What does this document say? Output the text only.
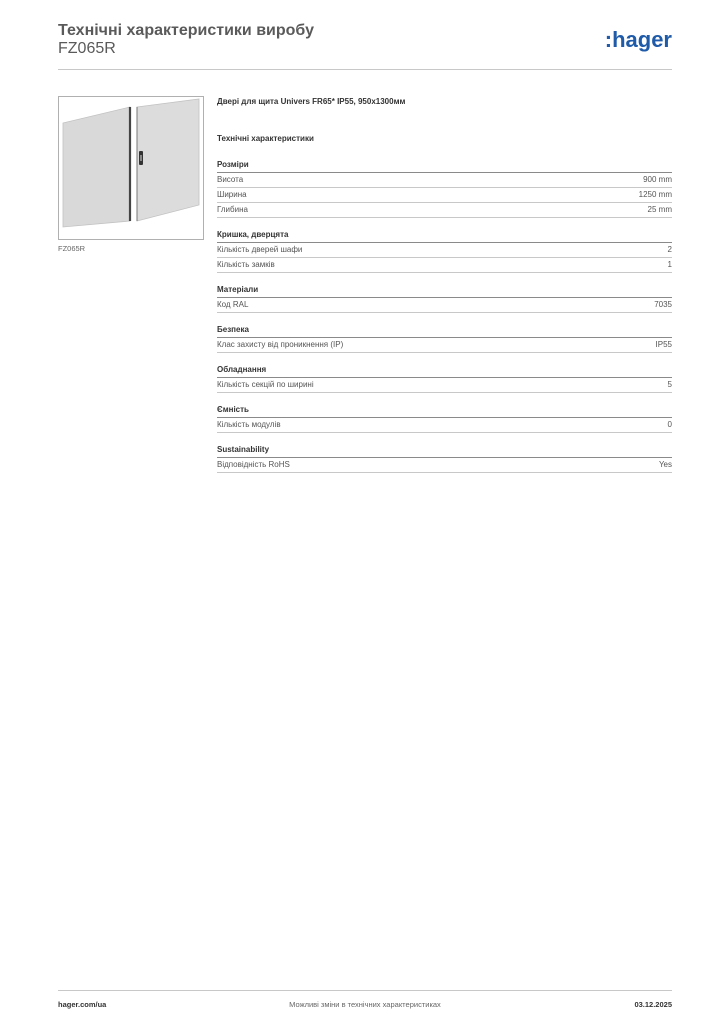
Технічні характеристики виробу
FZ065R	:hager
FZ065R
Двері для щита Univers FR65* IP55, 950x1300мм
Технічні характеристики
Розміри
Висота	900 mm
Ширина	1250 mm
Глибина	25 mm
Кришка, дверцята
Кількість дверей шафи	2
Кількість замків	1
Матеріали
Код RAL	7035
Безпека
Клас захисту від проникнення (IP)	IP55
Обладнання
Кількість секцій по ширині	5
Ємність
Кількість модулів	0
Sustainability
Відповідність RoHS	Yes
hager.com/ua	Можливі зміни в технічних характеристиках	03.12.2025
